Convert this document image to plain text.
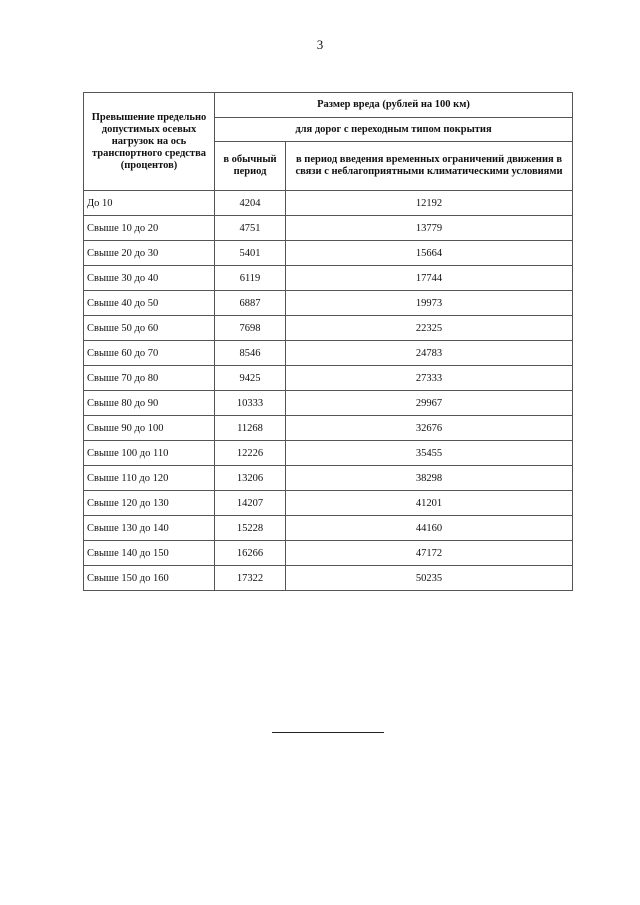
3
Превышение предельно допустимых осевых нагрузок на ось транспортного средства (процентов)	Размер вреда (рублей на 100 км)	
	для дорог с переходным типом покрытия	
	в обычный период	в период введения временных ограничений движения в связи с неблагоприятными климатическими условиями
До 10	4204	12192
Свыше 10 до 20	4751	13779
Свыше 20 до 30	5401	15664
Свыше 30 до 40	6119	17744
Свыше 40 до 50	6887	19973
Свыше 50 до 60	7698	22325
Свыше 60 до 70	8546	24783
Свыше 70 до 80	9425	27333
Свыше 80 до 90	10333	29967
Свыше 90 до 100	11268	32676
Свыше 100 до 110	12226	35455
Свыше 110 до 120	13206	38298
Свыше 120 до 130	14207	41201
Свыше 130 до 140	15228	44160
Свыше 140 до 150	16266	47172
Свыше 150 до 160	17322	50235
